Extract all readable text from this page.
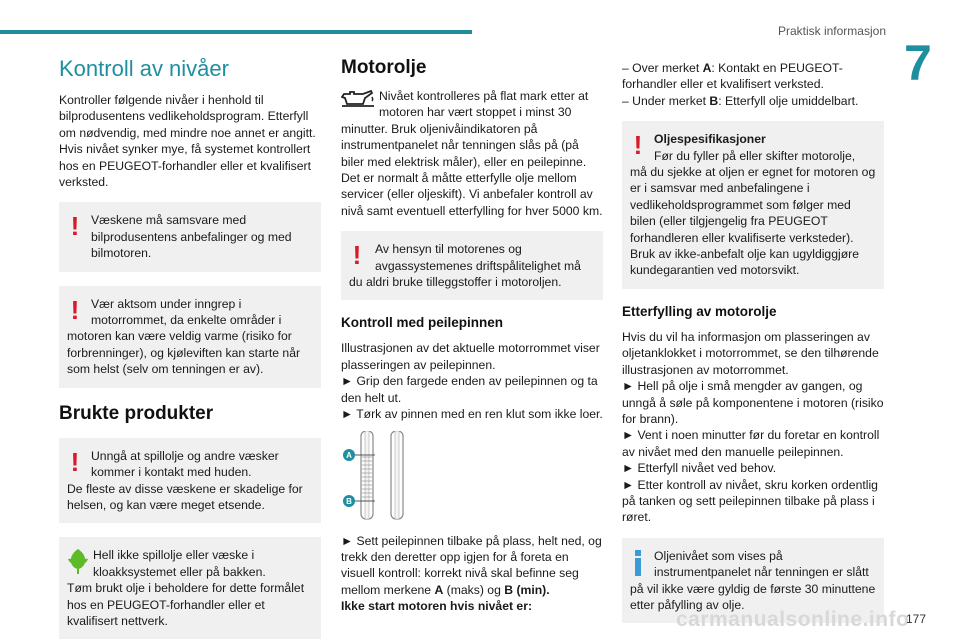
Praktisk informasjon
7
Kontroll av nivåer

Kontroller følgende nivåer i henhold til bilprodusentens vedlikeholdsprogram. Etterfyll om nødvendig, med mindre noe annet er angitt. Hvis nivået synker mye, få systemet kontrollert hos en PEUGEOT-forhandler eller et kvalifisert verksted.

! Væskene må samsvare med

bilprodusentens anbefalinger og med bilmotoren.

! Vær aktsom under inngrep i

motorrommet, da enkelte områder i motoren kan være veldig varme (risiko for forbrenninger), og kjøleviften kan starte når som helst (selv om tenningen er av).

Brukte produkter
! Unngå at spillolje og andre væsker

kommer i kontakt med huden.

De fleste av disse væskene er skadelige for helsen, og kan være meget etsende.

Hell ikke spillolje eller væske i

kloakksystemet eller på bakken.

Tøm brukt olje i beholdere for dette formålet hos en PEUGEOT-forhandler eller et kvalifisert nettverk.

Motorolje

Nivået kontrolleres på flat mark etter at

motoren har vært stoppet i minst 30

minutter. Bruk oljenivåindikatoren på instrumentpanelet når tenningen slås på (på biler med elektrisk måler), eller en peilepinne.

Det er normalt å måtte etterfylle olje mellom servicer (eller oljeskift). Vi anbefaler kontroll av nivå samt eventuell etterfylling for hver 5000 km.

!	Av hensyn til motorenes og

avgassystemenes driftspålitelighet må du aldri bruke tilleggstoffer i motoroljen.

Kontroll med peilepinnen

Illustrasjonen av det aktuelle motorrommet viser plasseringen av peilepinnen.

► Grip den fargede enden av peilepinnen og ta den helt ut.

► Tørk av pinnen med en ren klut som ikke loer.

A
B

► Sett peilepinnen tilbake på plass, helt ned, og trekk den deretter opp igjen for å foreta en visuell kontroll: korrekt nivå skal befinne seg mellom merkene A (maks) og B (min).

Ikke start motoren hvis nivået er:

– Over merket A: Kontakt en PEUGEOT-forhandler eller et kvalifisert verksted.

– Under merket B: Etterfyll olje umiddelbart.

! Oljespesifikasjoner

Før du fyller på eller skifter motorolje,

må du sjekke at oljen er egnet for motoren og er i samsvar med anbefalingene i vedlikeholdsprogrammet som følger med bilen (eller tilgjengelig fra PEUGEOT forhandleren eller kvalifiserte verksteder).

Bruk av ikke-anbefalt olje kan ugyldiggjøre kundegarantien ved motorsvikt.

Etterfylling av motorolje

Hvis du vil ha informasjon om plasseringen av oljetanklokket i motorrommet, se den tilhørende illustrasjonen av motorrommet.

► Hell på olje i små mengder av gangen, og unngå å søle på komponentene i motoren (risiko for brann).

► Vent i noen minutter før du foretar en kontroll av nivået med den manuelle peilepinnen.

► Etterfyll nivået ved behov.

► Etter kontroll av nivået, skru korken ordentlig på tanken og sett peilepinnen tilbake på plass i røret.

Oljenivået som vises på

instrumentpanelet når tenningen er slått på vil ikke være gyldig de første 30 minuttene etter påfylling av olje.

carmanualsonline.info
177
